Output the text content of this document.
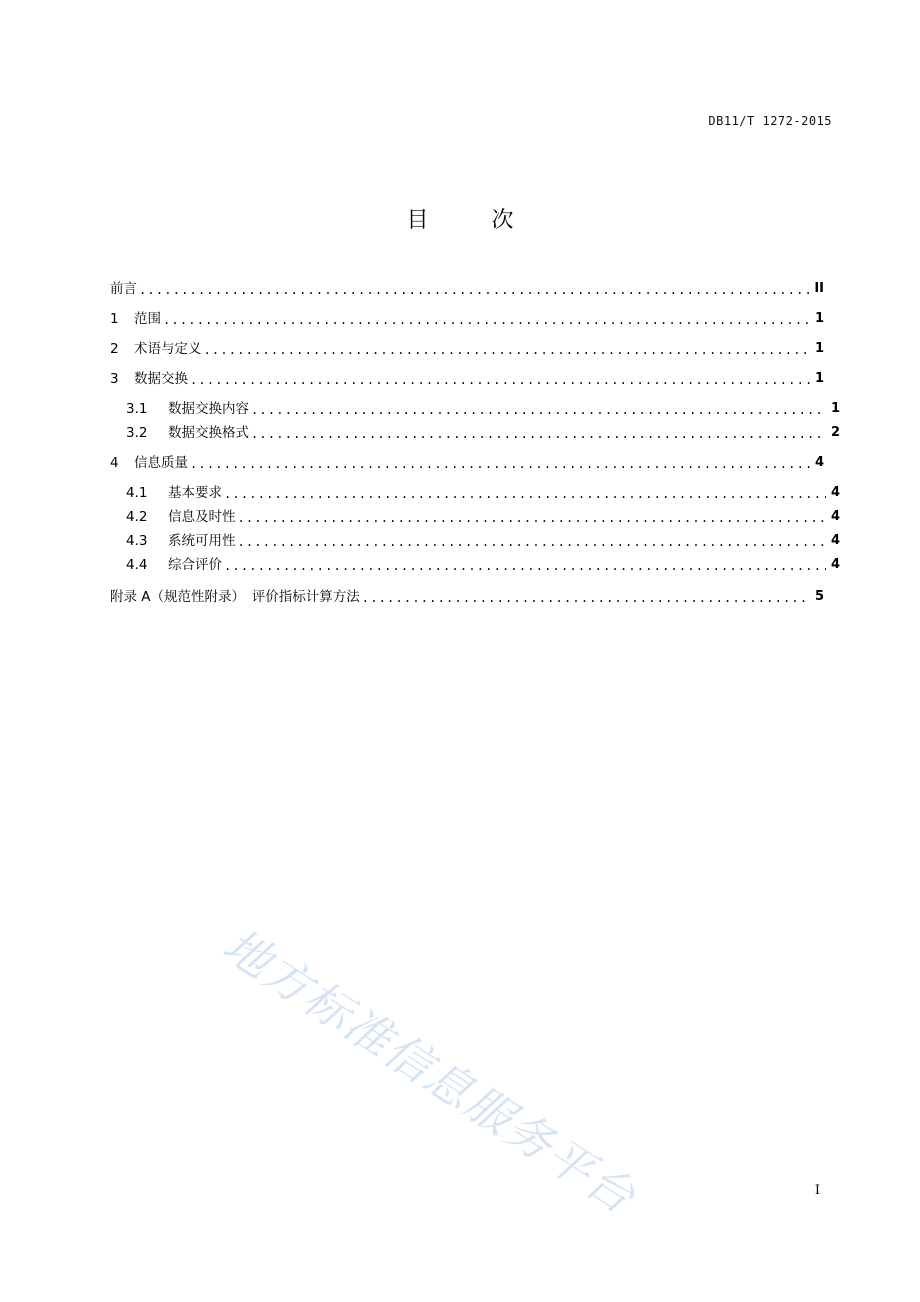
DB11/T 1272-2015
目 次
前言 .....	II
1	范围 .....	1
2	术语与定义 .....	1
3	数据交换 .....	1
3.1	数据交换内容 .....	1
3.2	数据交换格式 .....	2
4	信息质量 .....	4
4.1	基本要求 .....	4
4.2	信息及时性 .....	4
4.3	系统可用性 .....	4
4.4	综合评价 .....	4
附录 A（规范性附录）　评价指标计算方法 .....	5
地方标准信息服务平台	I
